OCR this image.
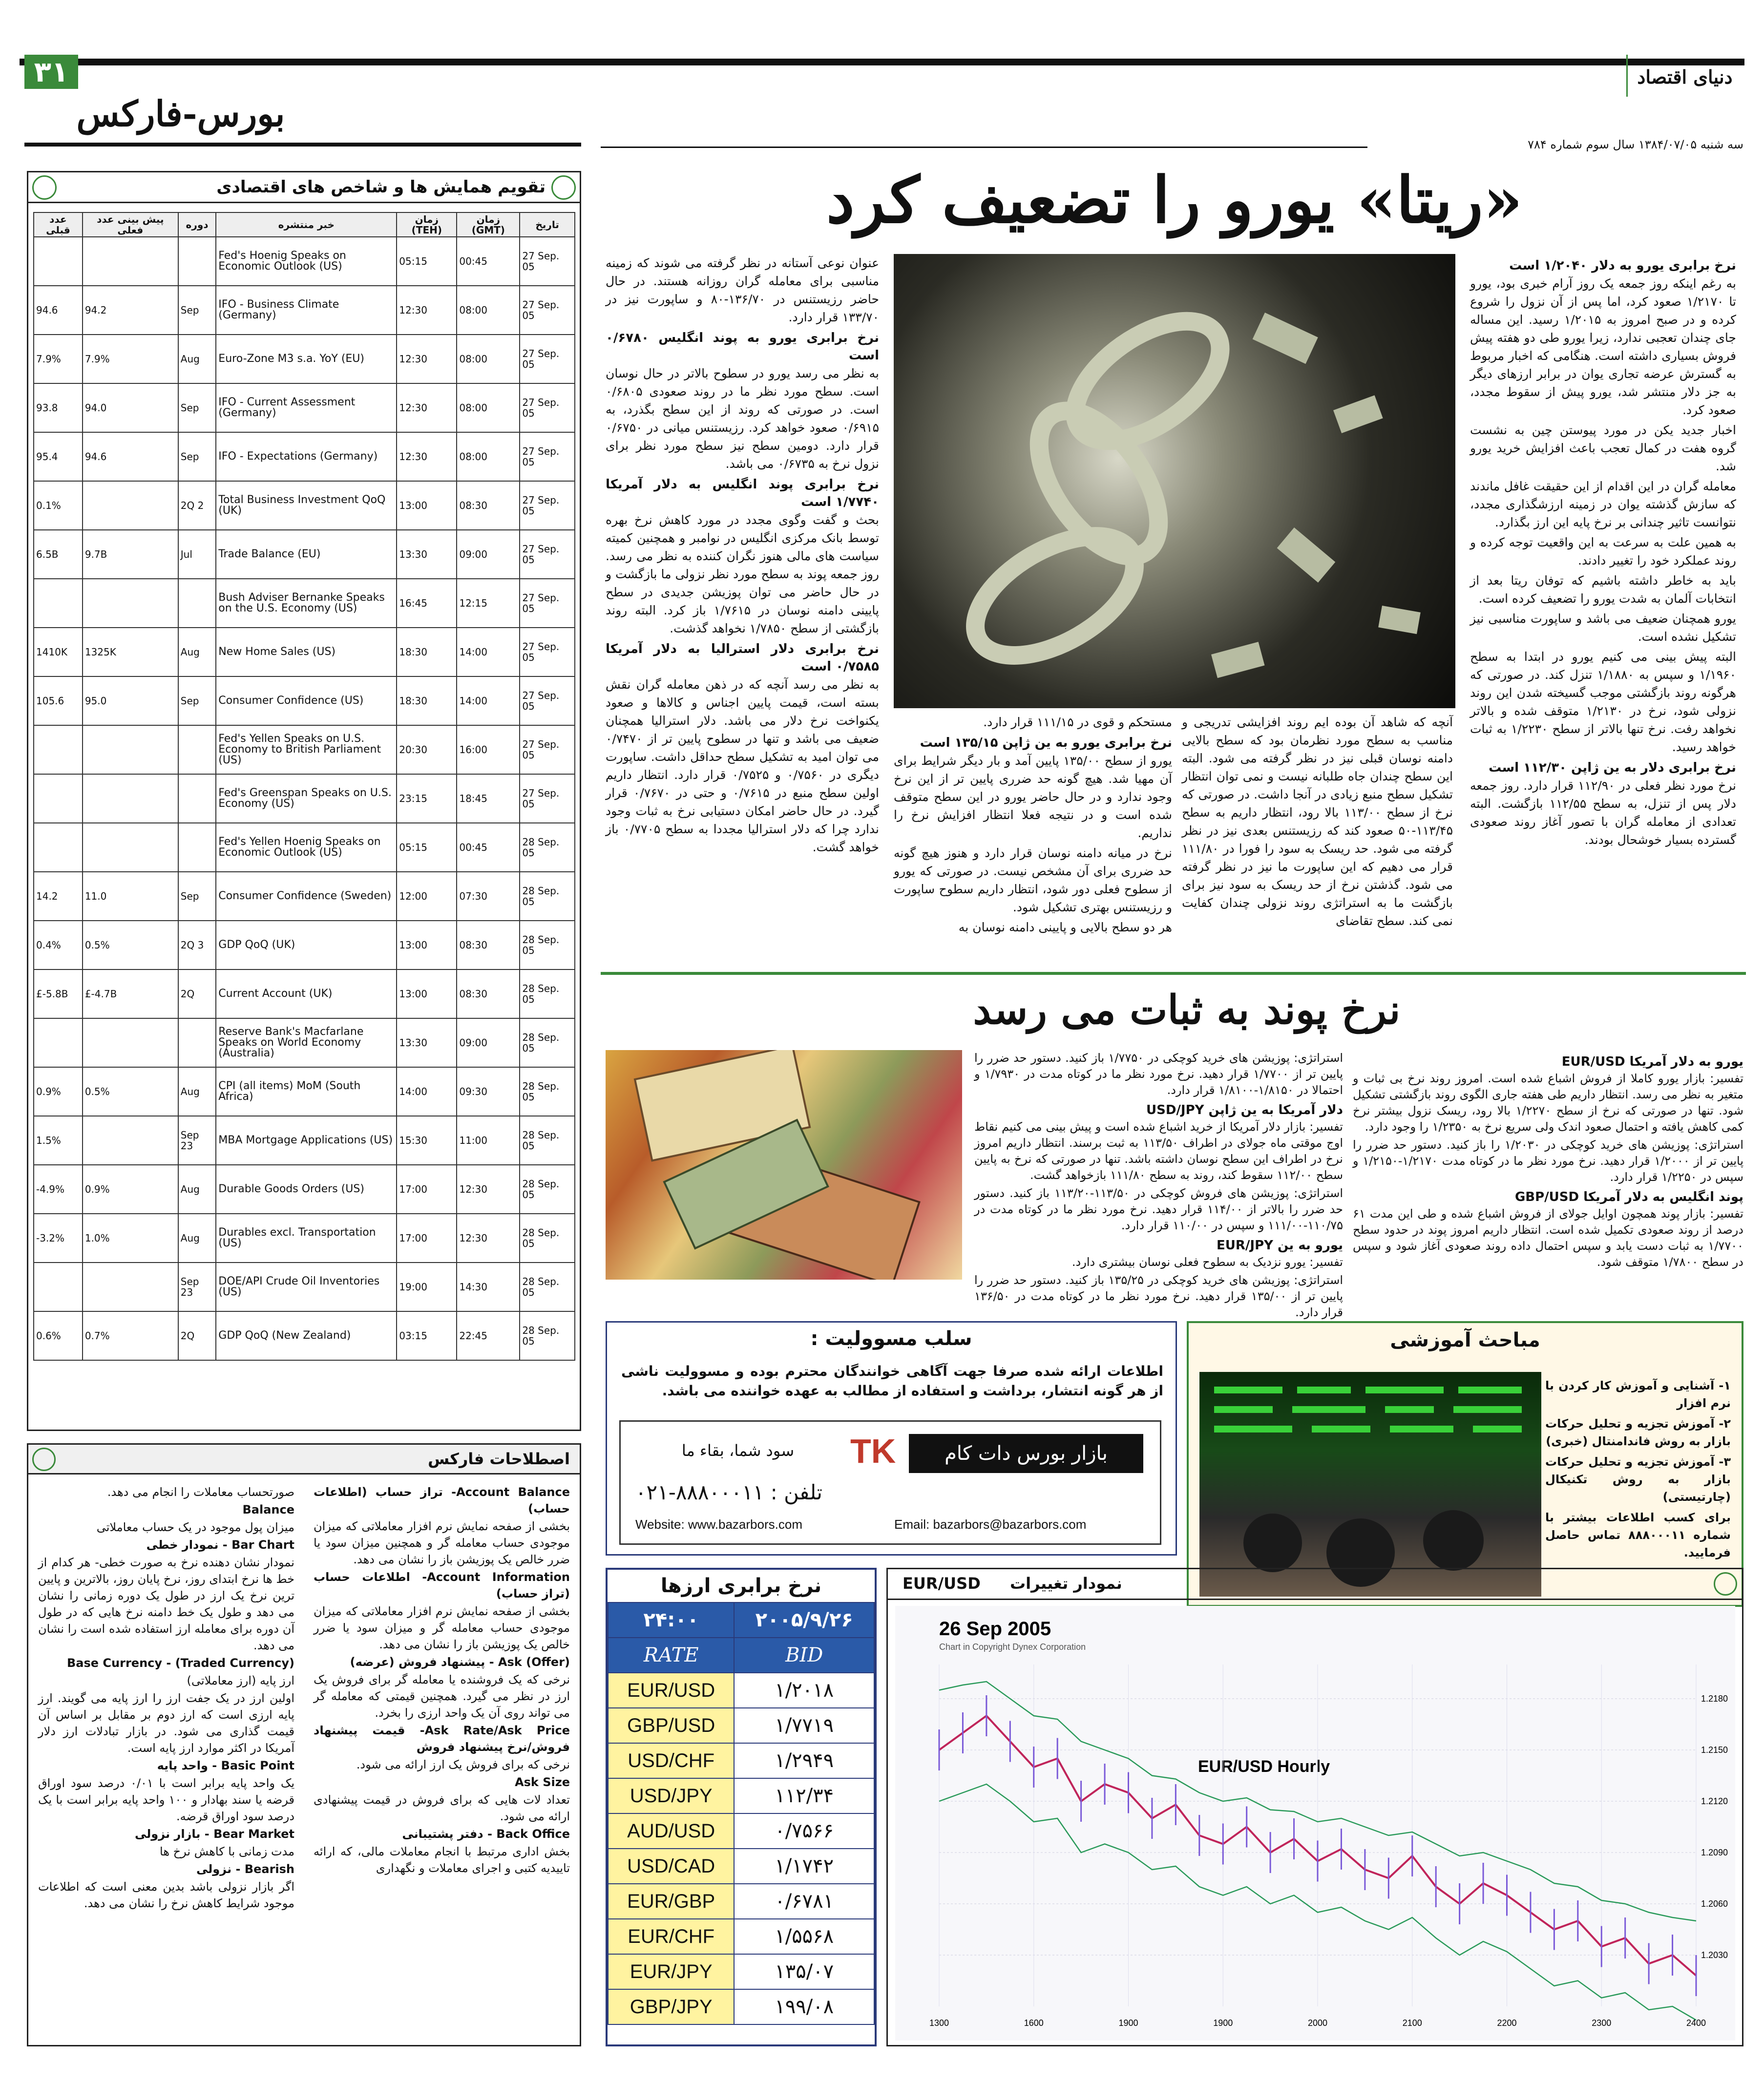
۳۱
بورس-فارکس
دنیای اقتصاد
سه شنبه ۱۳۸۴/۰۷/۰۵ سال سوم شماره ۷۸۴
تقویم همایش ها و شاخص های اقتصادی
عدد قبلی	پیش بینی عدد فعلی	دوره	خبر منتشره	زمان (TEH)	زمان (GMT)	تاریخ
			Fed's Hoenig Speaks on Economic Outlook (US)	05:15	00:45	27 Sep. 05
94.6	94.2	Sep	IFO - Business Climate (Germany)	12:30	08:00	27 Sep. 05
7.9%	7.9%	Aug	Euro-Zone M3 s.a. YoY (EU)	12:30	08:00	27 Sep. 05
93.8	94.0	Sep	IFO - Current Assessment (Germany)	12:30	08:00	27 Sep. 05
95.4	94.6	Sep	IFO - Expectations (Germany)	12:30	08:00	27 Sep. 05
0.1%		2Q 2	Total Business Investment QoQ (UK)	13:00	08:30	27 Sep. 05
6.5B	9.7B	Jul	Trade Balance (EU)	13:30	09:00	27 Sep. 05
			Bush Adviser Bernanke Speaks on the U.S. Economy (US)	16:45	12:15	27 Sep. 05
1410K	1325K	Aug	New Home Sales (US)	18:30	14:00	27 Sep. 05
105.6	95.0	Sep	Consumer Confidence (US)	18:30	14:00	27 Sep. 05
			Fed's Yellen Speaks on U.S. Economy to British Parliament (US)	20:30	16:00	27 Sep. 05
			Fed's Greenspan Speaks on U.S. Economy (US)	23:15	18:45	27 Sep. 05
			Fed's Yellen Hoenig Speaks on Economic Outlook (US)	05:15	00:45	28 Sep. 05
14.2	11.0	Sep	Consumer Confidence (Sweden)	12:00	07:30	28 Sep. 05
0.4%	0.5%	2Q 3	GDP QoQ (UK)	13:00	08:30	28 Sep. 05
£-5.8B	£-4.7B	2Q	Current Account (UK)	13:00	08:30	28 Sep. 05
			Reserve Bank's Macfarlane Speaks on World Economy (Australia)	13:30	09:00	28 Sep. 05
0.9%	0.5%	Aug	CPI (all items) MoM (South Africa)	14:00	09:30	28 Sep. 05
1.5%		Sep 23	MBA Mortgage Applications (US)	15:30	11:00	28 Sep. 05
-4.9%	0.9%	Aug	Durable Goods Orders (US)	17:00	12:30	28 Sep. 05
-3.2%	1.0%	Aug	Durables excl. Transportation (US)	17:00	12:30	28 Sep. 05
		Sep 23	DOE/API Crude Oil Inventories (US)	19:00	14:30	28 Sep. 05
0.6%	0.7%	2Q	GDP QoQ (New Zealand)	03:15	22:45	28 Sep. 05
اصطلاحات فارکس
Account Balance- تراز حساب (اطلاعات حساب)
بخشی از صفحه نمایش نرم افزار معاملاتی که میزان موجودی حساب معامله گر و همچنین میزان سود یا ضرر خالص یک پوزیشن باز را نشان می دهد.
Account Information- اطلاعات حساب (تراز حساب)
بخشی از صفحه نمایش نرم افزار معاملاتی که میزان موجودی حساب معامله گر و میزان سود یا ضرر خالص یک پوزیشن باز را نشان می دهد.
Ask (Offer) - پیشنهاد فروش (عرضه)
نرخی که یک فروشنده یا معامله گر برای فروش یک ارز در نظر می گیرد. همچنین قیمتی که معامله گر می تواند روی آن یک واحد ارزی را بخرد.
Ask Rate/Ask Price- قیمت پیشنهاد فروش/نرخ پیشنهاد فروش
نرخی که برای فروش یک ارز ارائه می شود.
Ask Size
تعداد لات هایی که برای فروش در قیمت پیشنهادی ارائه می شود.
Back Office - دفتر پشتیبانی
بخش اداری مرتبط با انجام معاملات مالی، که ارائه تاییدیه کتبی و اجرای معاملات و نگهداری
صورتحساب معاملات را انجام می دهد.
Balance
میزان پول موجود در یک حساب معاملاتی
Bar Chart - نمودار خطی
نمودار نشان دهنده نرخ به صورت خطی- هر کدام از خط ها نرخ ابتدای روز، نرخ پایان روز، بالاترین و پایین ترین نرخ یک ارز در طول یک دوره زمانی را نشان می دهد و طول یک خط دامنه نرخ هایی که در طول آن دوره برای معامله ارز استفاده شده است را نشان می دهد.
Base Currency - (Traded Currency)
ارز پایه (ارز معاملاتی)
اولین ارز در یک جفت ارز را ارز پایه می گویند. ارز پایه ارزی است که ارز دوم بر مقابل بر اساس آن قیمت گذاری می شود. در بازار تبادلات ارز دلار آمریکا در اکثر موارد ارز پایه است.
Basic Point - واحد پایه
یک واحد پایه برابر است با ۰/۰۱ درصد سود اوراق قرضه یا سند بهادار و ۱۰۰ واحد پایه برابر است با یک درصد سود اوراق قرضه.
Bear Market - بازار نزولی
مدت زمانی با کاهش نرخ ها
Bearish - نزولی
اگر بازار نزولی باشد بدین معنی است که اطلاعات موجود شرایط کاهش نرخ را نشان می دهد.
«ریتا» یورو را تضعیف کرد
نرخ برابری یورو به دلار ۱/۲۰۴۰ است
به رغم اینکه روز جمعه یک روز آرام خبری بود، یورو تا ۱/۲۱۷۰ صعود کرد، اما پس از آن نزول را شروع کرده و در صبح امروز به ۱/۲۰۱۵ رسید. این مساله جای چندان تعجبی ندارد، زیرا یورو طی دو هفته پیش فروش بسیاری داشته است. هنگامی که اخبار مربوط به گسترش عرضه تجاری یوان در برابر ارزهای دیگر به جز دلار منتشر شد، یورو پیش از سقوط مجدد، صعود کرد.
اخبار جدید یکن در مورد پیوستن چین به نشست گروه هفت در کمال تعجب باعث افزایش خرید یورو شد.
معامله گران در این اقدام از این حقیقت غافل ماندند که سازش گذشته یوان در زمینه ارزشگذاری مجدد، نتوانست تاثیر چندانی بر نرخ پایه این ارز بگذارد.
به همین علت به سرعت به این واقعیت توجه کرده و روند عملکرد خود را تغییر دادند.
باید به خاطر داشته باشیم که توفان ریتا بعد از انتخابات آلمان به شدت یورو را تضعیف کرده است.
یورو همچنان ضعیف می باشد و ساپورت مناسبی نیز تشکیل نشده است.
البته پیش بینی می کنیم یورو در ابتدا به سطح ۱/۱۹۶۰ و سپس به ۱/۱۸۸۰ تنزل کند. در صورتی که هرگونه روند بازگشتی موجب گسیخته شدن این روند نزولی شود، نرخ در ۱/۲۱۳۰ متوقف شده و بالاتر نخواهد رفت. نرخ تنها بالاتر از سطح ۱/۲۲۳۰ به ثبات خواهد رسید.
نرخ برابری دلار به ین ژاپن ۱۱۲/۳۰ است
نرخ مورد نظر فعلی در ۱۱۲/۹۰ قرار دارد. روز جمعه دلار پس از تنزل، به سطح ۱۱۲/۵۵ بازگشت. البته تعدادی از معامله گران با تصور آغاز روند صعودی گسترده بسیار خوشحال بودند.
آنچه که شاهد آن بوده ایم روند افزایشی تدریجی و مناسب به سطح مورد نظرمان بود که سطح بالایی دامنه نوسان قبلی نیز در نظر گرفته می شود. البته این سطح چندان جاه طلبانه نیست و نمی توان انتظار تشکیل سطح منبع زیادی در آنجا داشت. در صورتی که نرخ از سطح ۱۱۳/۰۰ بالا رود، انتظار داریم به سطح ۱۱۳/۴۵-۵۰ صعود کند که رزیستنس بعدی نیز در نظر گرفته می شود. حد ریسک به سود را فورا در ۱۱۱/۸۰ قرار می دهیم که این ساپورت ما نیز در نظر گرفته می شود. گذشتن نرخ از حد ریسک به سود نیز برای بازگشت ما به استراتژی روند نزولی چندان کفایت نمی کند. سطح تقاضای
مستحکم و قوی در ۱۱۱/۱۵ قرار دارد.
نرخ برابری یورو به ین ژاپن ۱۳۵/۱۵ است
یورو از سطح ۱۳۵/۰۰ پایین آمد و بار دیگر شرایط برای آن مهیا شد. هیچ گونه حد ضرری پایین تر از این نرخ وجود ندارد و در حال حاضر یورو در این سطح متوقف شده است و در نتیجه فعلا انتظار افزایش نرخ را نداریم.
نرخ در میانه دامنه نوسان قرار دارد و هنوز هیچ گونه حد ضرری برای آن مشخص نیست. در صورتی که یورو از سطوح فعلی دور شود، انتظار داریم سطوح ساپورت و رزیستنس بهتری تشکیل شود.
هر دو سطح بالایی و پایینی دامنه نوسان به
عنوان نوعی آستانه در نظر گرفته می شوند که زمینه مناسبی برای معامله گران روزانه هستند. در حال حاضر رزیستنس در ۱۳۶/۷۰-۸۰ و ساپورت نیز در ۱۳۳/۷۰ قرار دارد.
نرخ برابری یورو به پوند انگلیس ۰/۶۷۸۰ است
به نظر می رسد یورو در سطوح بالاتر در حال نوسان است. سطح مورد نظر ما در روند صعودی ۰/۶۸۰۵ است. در صورتی که روند از این سطح بگذرد، به ۰/۶۹۱۵ صعود خواهد کرد. رزیستنس میانی در ۰/۶۷۵۰ قرار دارد. دومین سطح نیز سطح مورد نظر برای نزول نرخ به ۰/۶۷۳۵ می باشد.
نرخ برابری پوند انگلیس به دلار آمریکا ۱/۷۷۴۰ است
بحث و گفت وگوی مجدد در مورد کاهش نرخ بهره توسط بانک مرکزی انگلیس در نوامبر و همچنین کمیته سیاست های مالی هنوز نگران کننده به نظر می رسد. روز جمعه پوند به سطح مورد نظر نزولی ما بازگشت و در حال حاضر می توان پوزیشن جدیدی در سطح پایینی دامنه نوسان در ۱/۷۶۱۵ باز کرد. البته روند بازگشتی از سطح ۱/۷۸۵۰ نخواهد گذشت.
نرخ برابری دلار استرالیا به دلار آمریکا ۰/۷۵۸۵ است
به نظر می رسد آنچه که در ذهن معامله گران نقش بسته است، قیمت پایین اجناس و کالاها و صعود یکنواخت نرخ دلار می باشد. دلار استرالیا همچنان ضعیف می باشد و تنها در سطوح پایین تر از ۰/۷۴۷۰ می توان امید به تشکیل سطح حداقل داشت. ساپورت دیگری در ۰/۷۵۶۰ و ۰/۷۵۲۵ قرار دارد. انتظار داریم اولین سطح منبع در ۰/۷۶۱۵ و حتی در ۰/۷۶۷۰ قرار گیرد. در حال حاضر امکان دستیابی نرخ به ثبات وجود ندارد چرا که دلار استرالیا مجددا به سطح ۰/۷۷۰۵ باز خواهد گشت.
نرخ پوند به ثبات می رسد
یورو به دلار آمریکا EUR/USD
تفسیر: بازار یورو کاملا از فروش اشباع شده است. امروز روند نرخ بی ثبات و متغیر به نظر می رسد. انتظار داریم طی هفته جاری الگوی روند بازگشتی تشکیل شود. تنها در صورتی که نرخ از سطح ۱/۲۲۷۰ بالا رود، ریسک نزول بیشتر نرخ کمی کاهش یافته و احتمال صعود اندک ولی سریع نرخ به ۱/۲۳۵۰ را وجود دارد.
استراتژی: پوزیشن های خرید کوچکی در ۱/۲۰۳۰ را باز کنید. دستور حد ضرر را پایین تر از ۱/۲۰۰۰ قرار دهید. نرخ مورد نظر ما در کوتاه مدت ۱/۲۱۷۰-۱/۲۱۵۰ و سپس در ۱/۲۲۵۰ قرار دارد.
پوند انگلیس به دلار آمریکا GBP/USD
تفسیر: بازار پوند همچون اوایل جولای از فروش اشباع شده و طی این مدت ۶۱ درصد از روند صعودی تکمیل شده است. انتظار داریم امروز پوند در حدود سطح ۱/۷۷۰۰ به ثبات دست یابد و سپس احتمال داده روند صعودی آغاز شود و سپس در سطح ۱/۷۸۰۰ متوقف شود.
استراتژی: پوزیشن های خرید کوچکی در ۱/۷۷۵۰ باز کنید. دستور حد ضرر را پایین تر از ۱/۷۷۰۰ قرار دهید. نرخ مورد نظر ما در کوتاه مدت در ۱/۷۹۳۰ و احتمالا در ۱/۸۱۵۰-۱/۸۱۰۰ قرار دارد.
دلار آمریکا به ین ژاپن USD/JPY
تفسیر: بازار دلار آمریکا از خرید اشباع شده است و پیش بینی می کنیم نقاط اوج موقتی ماه جولای در اطراف ۱۱۳/۵۰ به ثبت برسند. انتظار داریم امروز نرخ در اطراف این سطح نوسان داشته باشد. تنها در صورتی که نرخ به پایین سطح ۱۱۲/۰۰ سقوط کند، روند به سطح ۱۱۱/۸۰ بازخواهد گشت.
استراتژی: پوزیشن های فروش کوچکی در ۱۱۳/۵۰-۱۱۳/۲۰ باز کنید. دستور حد ضرر را بالاتر از ۱۱۴/۰۰ قرار دهید. نرخ مورد نظر ما در کوتاه مدت در ۱۱۰/۷۵-۱۱۱/۰۰ و سپس در ۱۱۰/۰۰ قرار دارد.
یورو به ین EUR/JPY
تفسیر: یورو نزدیک به سطوح فعلی نوسان بیشتری دارد.
استراتژی: پوزیشن های خرید کوچکی در ۱۳۵/۲۵ باز کنید. دستور حد ضرر را پایین تر از ۱۳۵/۰۰ قرار دهید. نرخ مورد نظر ما در کوتاه مدت در ۱۳۶/۵۰ قرار دارد.
مباحث آموزشی
۱- آشنایی و آموزش کار کردن با نرم افزار
۲- آموزش تجزیه و تحلیل حرکات بازار به روش فاندامنتال (خبری)
۳- آموزش تجزیه و تحلیل حرکات بازار به روش تکنیکال (چارتیستی)
برای کسب اطلاعات بیشتر با شماره ۸۸۸۰۰۰۱۱ تماس حاصل فرمایید.
سلب مسوولیت :
اطلاعات ارائه شده صرفا جهت آگاهی خوانندگان محترم بوده و مسوولیت ناشی از هر گونه انتشار، برداشت و استفاده از مطالب به عهده خواننده می باشد.
TK	بازار بورس دات کام
سود شما، بقاء ما
تلفن : ۸۸۸۰۰۰۱۱-۰۲۱
Website: www.bazarbors.com	Email: bazarbors@bazarbors.com
نرخ برابری ارزها
۲۴:۰۰	۲۰۰۵/۹/۲۶
RATE	BID
EUR/USD	۱/۲۰۱۸
GBP/USD	۱/۷۷۱۹
USD/CHF	۱/۲۹۴۹
USD/JPY	۱۱۲/۳۴
AUD/USD	۰/۷۵۶۶
USD/CAD	۱/۱۷۴۲
EUR/GBP	۰/۶۷۸۱
EUR/CHF	۱/۵۵۶۸
EUR/JPY	۱۳۵/۰۷
GBP/JPY	۱۹۹/۰۸
نمودار تغییرات
EUR/USD
26 Sep 2005
Chart in Copyright Dynex Corporation
EUR/USD Hourly
1.2180
1.2150
1.2120
1.2090
1.2060
1.2030
1300	1600	1900	1900	2000	2100	2200	2300	2400
